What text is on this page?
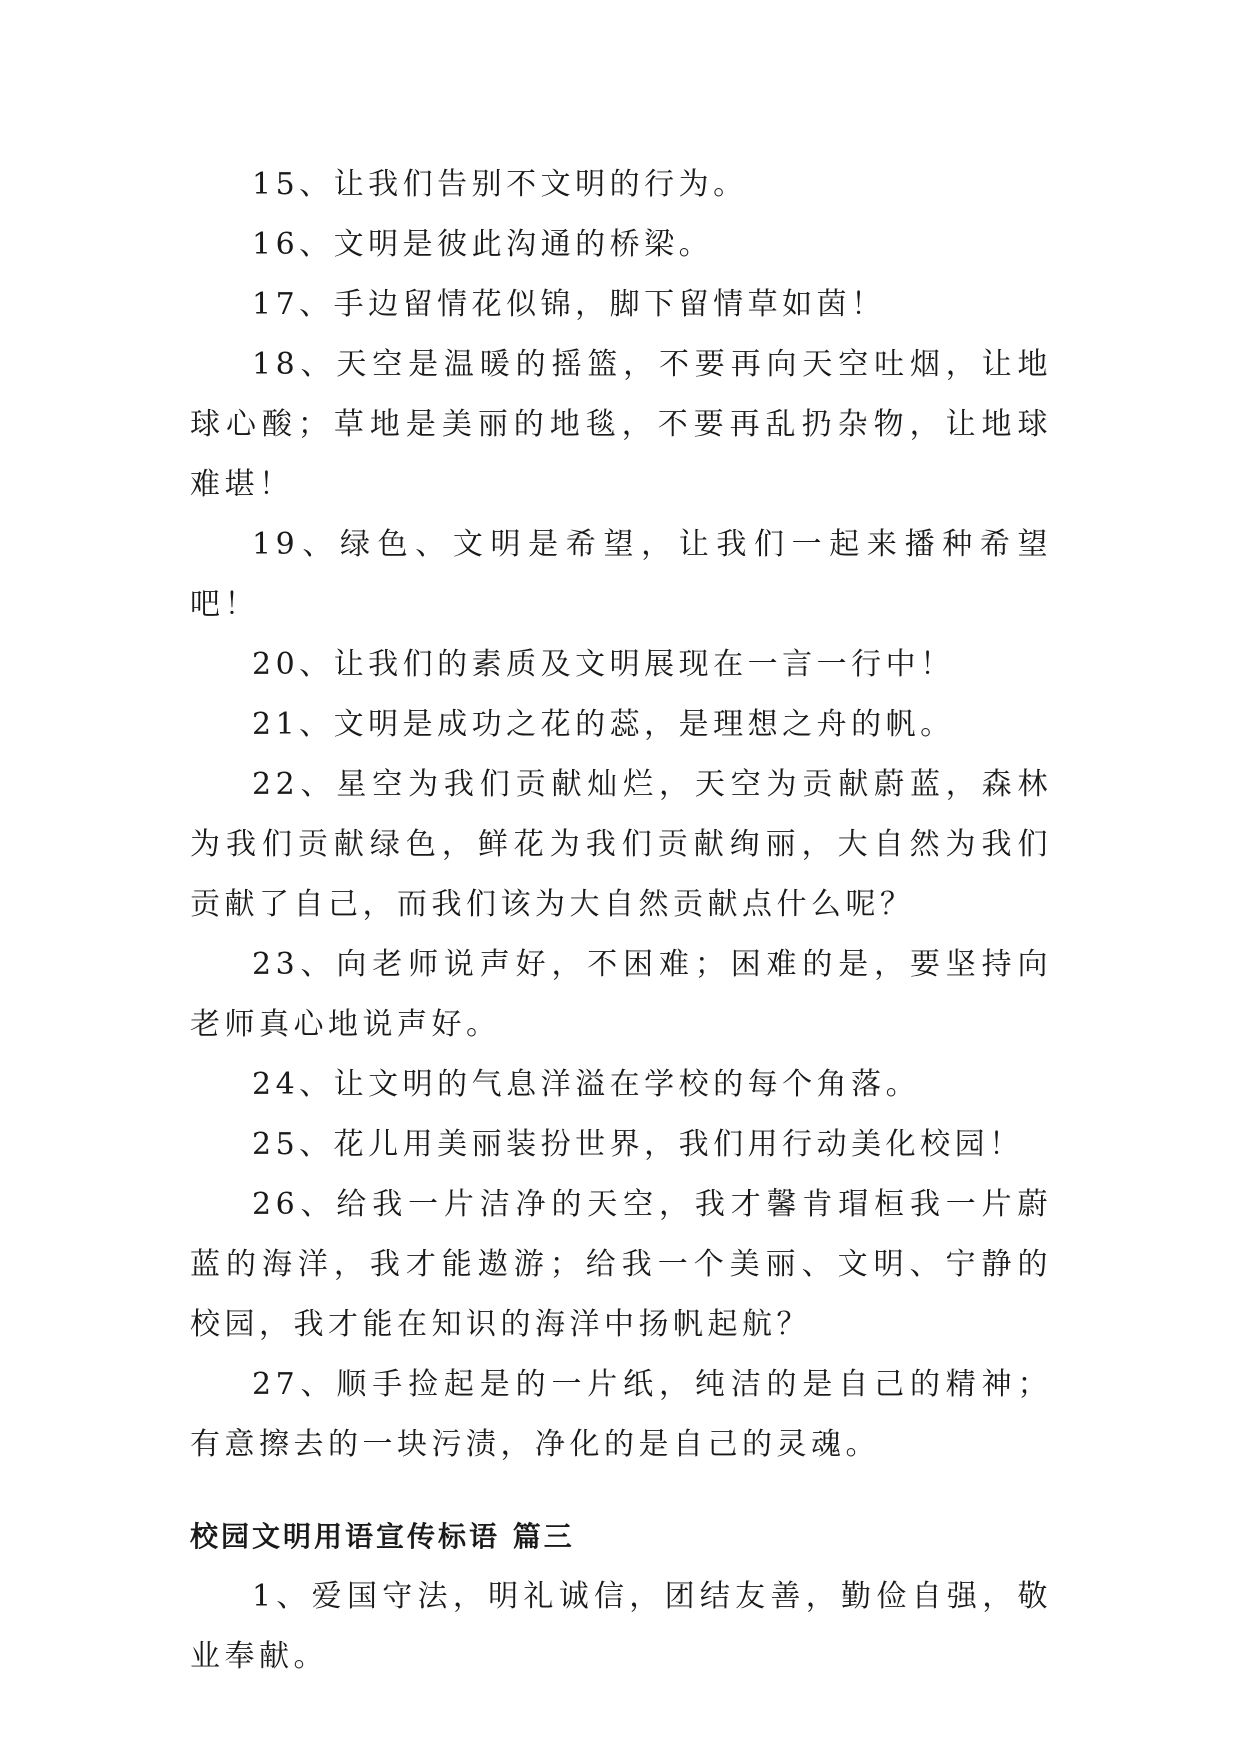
15、让我们告别不文明的行为。

16、文明是彼此沟通的桥梁。

17、手边留情花似锦，脚下留情草如茵！

18、天空是温暖的摇篮，不要再向天空吐烟，让地球心酸；草地是美丽的地毯，不要再乱扔杂物，让地球难堪！

19、绿色、文明是希望，让我们一起来播种希望吧！

20、让我们的素质及文明展现在一言一行中！

21、文明是成功之花的蕊，是理想之舟的帆。

22、星空为我们贡献灿烂，天空为贡献蔚蓝，森林为我们贡献绿色，鲜花为我们贡献绚丽，大自然为我们贡献了自己，而我们该为大自然贡献点什么呢？

23、向老师说声好，不困难；困难的是，要坚持向老师真心地说声好。

24、让文明的气息洋溢在学校的每个角落。

25、花儿用美丽装扮世界，我们用行动美化校园！

26、给我一片洁净的天空，我才馨肯瑁桓我一片蔚蓝的海洋，我才能遨游；给我一个美丽、文明、宁静的校园，我才能在知识的海洋中扬帆起航？

27、顺手捡起是的一片纸，纯洁的是自己的精神；有意擦去的一块污渍，净化的是自己的灵魂。

校园文明用语宣传标语 篇三

1、爱国守法，明礼诚信，团结友善，勤俭自强，敬业奉献。
